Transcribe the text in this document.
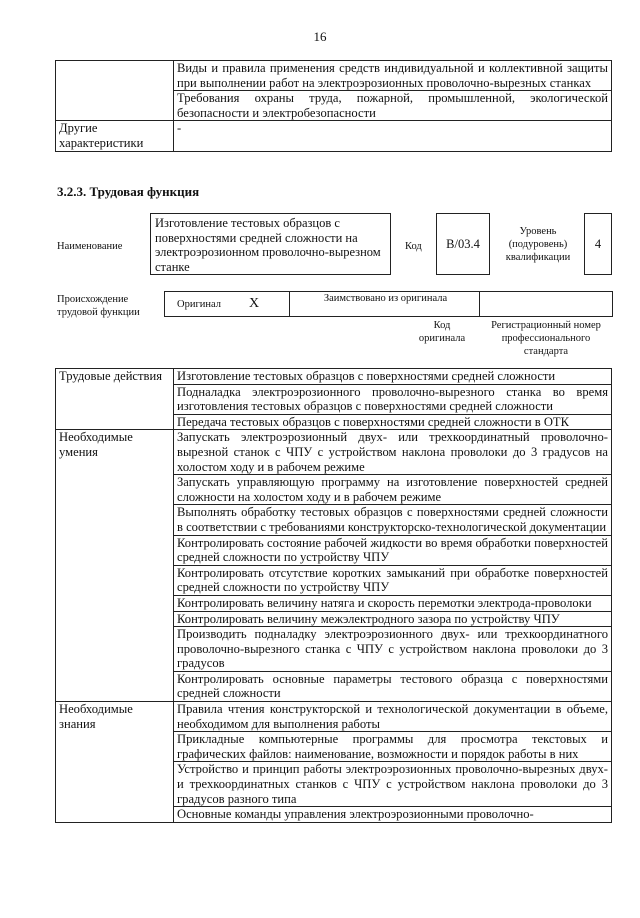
16
	Виды и правила применения средств индивидуальной и коллективной защиты при выполнении работ на электроэрозионных проволочно-вырезных станках
	Требования охраны труда, пожарной, промышленной, экологической безопасности и электробезопасности
Другие характеристики	-
3.2.3. Трудовая функция
Наименование
Изготовление тестовых образцов с поверхностями средней сложности на электроэрозионном проволочно-вырезном станке
Код	В/03.4
Уровень (подуровень) квалификации
4
Происхождение трудовой функции
Оригинал X	Заимствовано из оригинала
Код оригинала
Регистрационный номер профессионального стандарта
Трудовые действия	Изготовление тестовых образцов с поверхностями средней сложности
	Подналадка электроэрозионного проволочно-вырезного станка во время изготовления тестовых образцов с поверхностями средней сложности
	Передача тестовых образцов с поверхностями средней сложности в ОТК
Необходимые умения	Запускать электроэрозионный двух- или трехкоординатный проволочно-вырезной станок с ЧПУ с устройством наклона проволоки до 3 градусов на холостом ходу и в рабочем режиме
	Запускать управляющую программу на изготовление поверхностей средней сложности на холостом ходу и в рабочем режиме
	Выполнять обработку тестовых образцов с поверхностями средней сложности в соответствии с требованиями конструкторско-технологической документации
	Контролировать состояние рабочей жидкости во время обработки поверхностей средней сложности по устройству ЧПУ
	Контролировать отсутствие коротких замыканий при обработке поверхностей средней сложности по устройству ЧПУ
	Контролировать величину натяга и скорость перемотки электрода-проволоки
	Контролировать величину межэлектродного зазора по устройству ЧПУ
	Производить подналадку электроэрозионного двух- или трехкоординатного проволочно-вырезного станка с ЧПУ с устройством наклона проволоки до 3 градусов
	Контролировать основные параметры тестового образца с поверхностями средней сложности
Необходимые знания	Правила чтения конструкторской и технологической документации в объеме, необходимом для выполнения работы
	Прикладные компьютерные программы для просмотра текстовых и графических файлов: наименование, возможности и порядок работы в них
	Устройство и принцип работы электроэрозионных проволочно-вырезных двух- и трехкоординатных станков с ЧПУ с устройством наклона проволоки до 3 градусов разного типа
	Основные команды управления электроэрозионными проволочно-
